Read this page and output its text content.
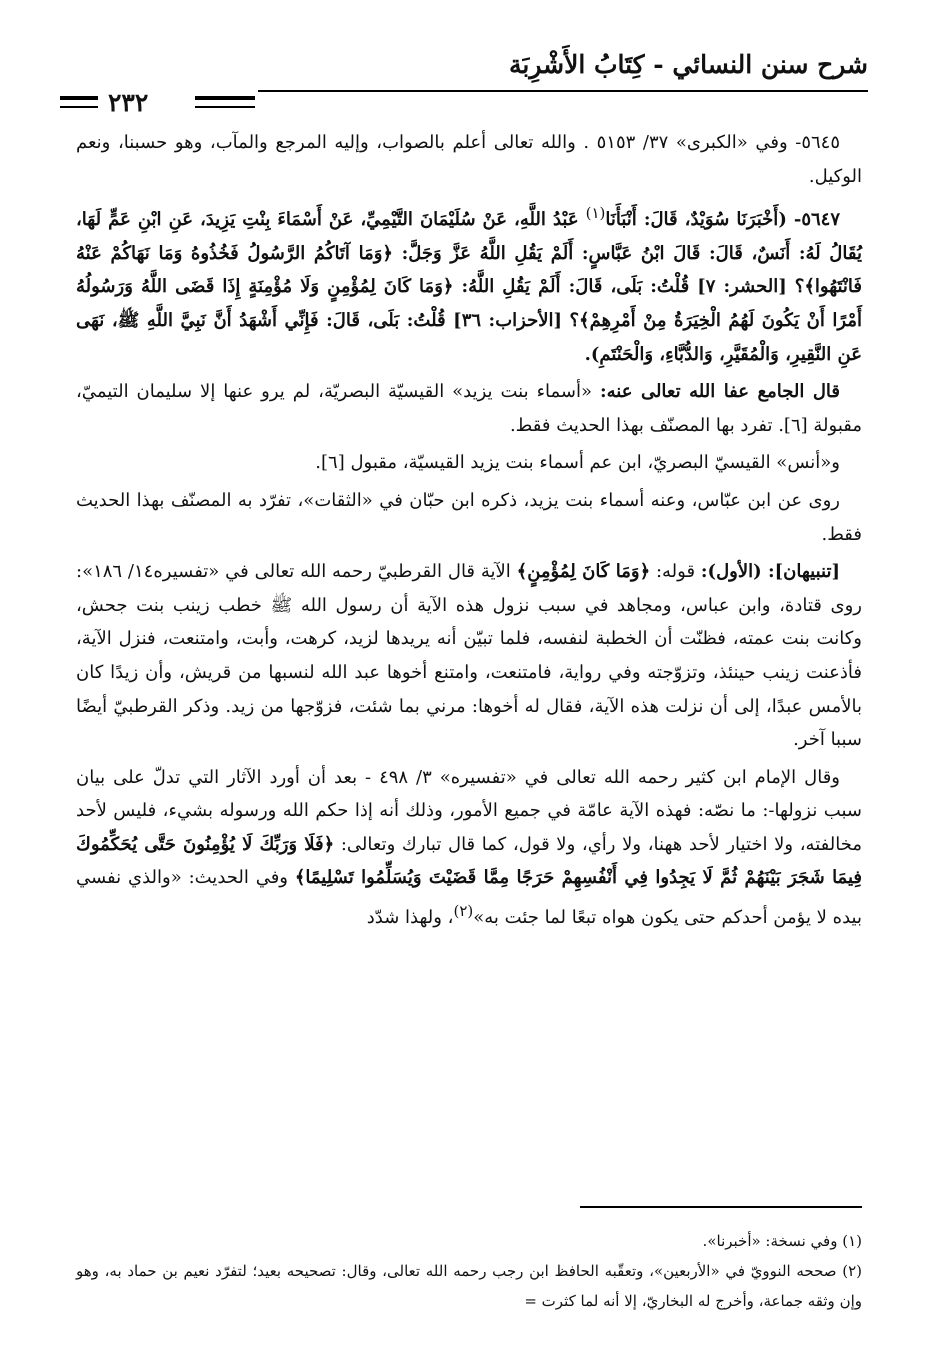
شرح سنن النسائي - كِتَابُ الأَشْرِبَة
٢٣٢

٥٦٤٥- وفي «الكبرى» ٣٧/ ٥١٥٣ . والله تعالى أعلم بالصواب، وإليه المرجع والمآب، وهو حسبنا، ونعم الوكيل.

٥٦٤٧- (أَخْبَرَنَا سُوَيْدٌ، قَالَ: أَنْبَأَنَا$^{(١)}$ عَبْدُ اللَّهِ، عَنْ سُلَيْمَانَ التَّيْمِيِّ، عَنْ أَسْمَاءَ بِنْتِ يَزِيدَ، عَنِ ابْنِ عَمٍّ لَهَا، يُقَالُ لَهُ: أَنَسٌ، قَالَ: قَالَ ابْنُ عَبَّاسٍ: أَلَمْ يَقُلِ اللَّهُ عَزَّ وَجَلَّ: ﴿وَمَا آتَاكُمُ الرَّسُولُ فَخُذُوهُ وَمَا نَهَاكُمْ عَنْهُ فَانْتَهُوا﴾؟ [الحشر: ٧] قُلْتُ: بَلَى، قَالَ: أَلَمْ يَقُلِ اللَّهُ: ﴿وَمَا كَانَ لِمُؤْمِنٍ وَلَا مُؤْمِنَةٍ إِذَا قَضَى اللَّهُ وَرَسُولُهُ أَمْرًا أَنْ يَكُونَ لَهُمُ الْخِيَرَةُ مِنْ أَمْرِهِمْ﴾؟ [الأحزاب: ٣٦] قُلْتُ: بَلَى، قَالَ: فَإِنِّي أَشْهَدُ أَنَّ نَبِيَّ اللَّهِ ﷺ، نَهَى عَنِ النَّقِيرِ، وَالْمُقَيَّرِ، وَالدُّبَّاءِ، وَالْحَنْتَمِ).

قال الجامع عفا الله تعالى عنه: «أسماء بنت يزيد» القيسيّة البصريّة، لم يرو عنها إلا سليمان التيميّ، مقبولة [٦]. تفرد بها المصنّف بهذا الحديث فقط.

و«أنس» القيسيّ البصريّ، ابن عم أسماء بنت يزيد القيسيّة، مقبول [٦].

روى عن ابن عبّاس، وعنه أسماء بنت يزيد، ذكره ابن حبّان في «الثقات»، تفرّد به المصنّف بهذا الحديث فقط.

[تنبيهان]: (الأول): قوله: ﴿وَمَا كَانَ لِمُؤْمِنٍ﴾ الآية قال القرطبيّ رحمه الله تعالى في «تفسيره١٤/ ١٨٦»: روى قتادة، وابن عباس، ومجاهد في سبب نزول هذه الآية أن رسول الله ﷺ خطب زينب بنت جحش، وكانت بنت عمته، فظنّت أن الخطبة لنفسه، فلما تبيّن أنه يريدها لزيد، كرهت، وأبت، وامتنعت، فنزل الآية، فأذعنت زينب حينئذ، وتزوّجته وفي رواية، فامتنعت، وامتنع أخوها عبد الله لنسبها من قريش، وأن زيدًا كان بالأمس عبدًا، إلى أن نزلت هذه الآية، فقال له أخوها: مرني بما شئت، فزوّجها من زيد. وذكر القرطبيّ أيضًا سببا آخر.

وقال الإمام ابن كثير رحمه الله تعالى في «تفسيره» ٣/ ٤٩٨ - بعد أن أورد الآثار التي تدلّ على بيان سبب نزولها-: ما نصّه: فهذه الآية عامّة في جميع الأمور، وذلك أنه إذا حكم الله ورسوله بشيء، فليس لأحد مخالفته، ولا اختيار لأحد ههنا، ولا رأي، ولا قول، كما قال تبارك وتعالى: ﴿فَلَا وَرَبِّكَ لَا يُؤْمِنُونَ حَتَّى يُحَكِّمُوكَ فِيمَا شَجَرَ بَيْنَهُمْ ثُمَّ لَا يَجِدُوا فِي أَنْفُسِهِمْ حَرَجًا مِمَّا قَضَيْتَ وَيُسَلِّمُوا تَسْلِيمًا﴾ وفي الحديث: «والذي نفسي بيده لا يؤمن أحدكم حتى يكون هواه تبعًا لما جئت به»$^{(٢)}$، ولهذا شدّد

(١) وفي نسخة: «أخبرنا».

(٢) صححه النوويّ في «الأربعين»، وتعقّبه الحافظ ابن رجب رحمه الله تعالى، وقال: تصحيحه بعيد؛ لتفرّد نعيم بن حماد به، وهو وإن وثقه جماعة، وأخرج له البخاريّ، إلا أنه لما كثرت =
